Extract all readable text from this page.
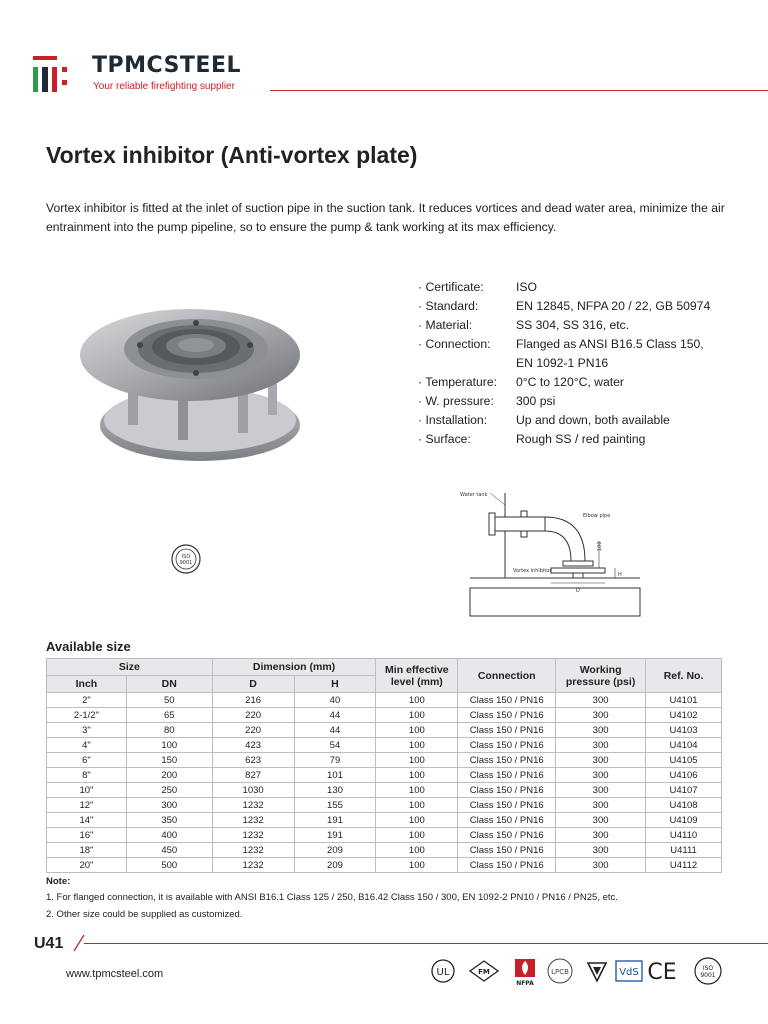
TPMCSTEEL
Your reliable firefighting supplier
Vortex inhibitor (Anti-vortex plate)

Vortex inhibitor is fitted at the inlet of suction pipe in the suction tank. It reduces vortices and dead water area, minimize the air entrainment into the pump pipeline, so to ensure the pump & tank working at its max efficiency.

ISO
9001
· Certificate:	ISO
· Standard:	EN 12845, NFPA 20 / 22, GB 50974
· Material:	SS 304, SS 316, etc.
· Connection:	Flanged as ANSI B16.5 Class 150,
EN 1092-1 PN16
· Temperature:	0°C to 120°C, water
· W. pressure:	300 psi
· Installation:	Up and down, both available
· Surface:	Rough SS / red painting
Water tank
Elbow pipe
Vortex inhibitor
D
H
100
Available size
Size		Dimension (mm)		Min effective level (mm)	Connection	Working pressure (psi)	Ref. No.
Inch	DN	D	H				
2"	50	216	40	100	Class 150 / PN16	300	U4101
2-1/2"	65	220	44	100	Class 150 / PN16	300	U4102
3"	80	220	44	100	Class 150 / PN16	300	U4103
4"	100	423	54	100	Class 150 / PN16	300	U4104
6"	150	623	79	100	Class 150 / PN16	300	U4105
8"	200	827	101	100	Class 150 / PN16	300	U4106
10"	250	1030	130	100	Class 150 / PN16	300	U4107
12"	300	1232	155	100	Class 150 / PN16	300	U4108
14"	350	1232	191	100	Class 150 / PN16	300	U4109
16"	400	1232	191	100	Class 150 / PN16	300	U4110
18"	450	1232	209	100	Class 150 / PN16	300	U4111
20"	500	1232	209	100	Class 150 / PN16	300	U4112
Note:
1. For flanged connection, it is available with ANSI B16.1 Class 125 / 250, B16.42 Class 150 / 300, EN 1092-2 PN10 / PN16 / PN25, etc.
2. Other size could be supplied as customized.
U41
www.tpmcsteel.com	UL	FM
NFPA
LPCB	VdS CE	ISO
9001
